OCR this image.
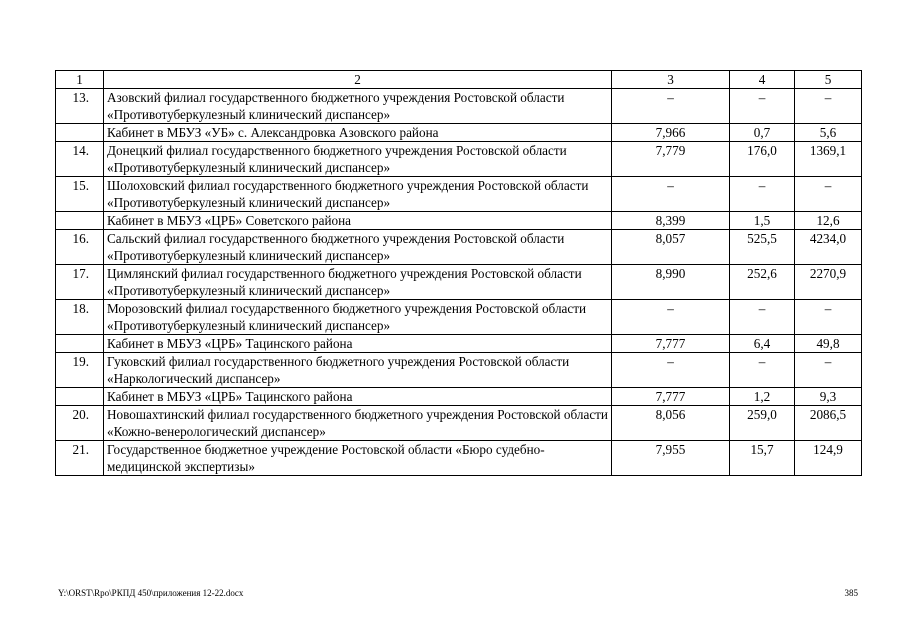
1	2	3	4	5
13.	Азовский филиал государственного бюджетного учреждения Ростовской области «Противотуберкулезный клинический диспансер»	–	–	–
	Кабинет в МБУЗ «УБ» с. Александровка Азовского района	7,966	0,7	5,6
14.	Донецкий филиал государственного бюджетного учреждения Ростовской области «Противотуберкулезный клинический диспансер»	7,779	176,0	1369,1
15.	Шолоховский филиал государственного бюджетного учреждения Ростовской области «Противотуберкулезный клинический диспансер»	–	–	–
	Кабинет в МБУЗ «ЦРБ» Советского района	8,399	1,5	12,6
16.	Сальский филиал государственного бюджетного учреждения Ростовской области «Противотуберкулезный клинический диспансер»	8,057	525,5	4234,0
17.	Цимлянский филиал государственного бюджетного учреждения Ростовской области «Противотуберкулезный клинический диспансер»	8,990	252,6	2270,9
18.	Морозовский филиал государственного бюджетного учреждения Ростовской области «Противотуберкулезный клинический диспансер»	–	–	–
	Кабинет в МБУЗ «ЦРБ» Тацинского района	7,777	6,4	49,8
19.	Гуковский филиал государственного бюджетного учреждения Ростовской области «Наркологический диспансер»	–	–	–
	Кабинет в МБУЗ «ЦРБ» Тацинского района	7,777	1,2	9,3
20.	Новошахтинский филиал государственного бюджетного учреждения Ростовской области «Кожно-венерологический диспансер»	8,056	259,0	2086,5
21.	Государственное бюджетное учреждение Ростовской области «Бюро судебно-медицинской экспертизы»	7,955	15,7	124,9
Y:\ORST\Rpo\РКПД 450\приложения 12-22.docx	385
